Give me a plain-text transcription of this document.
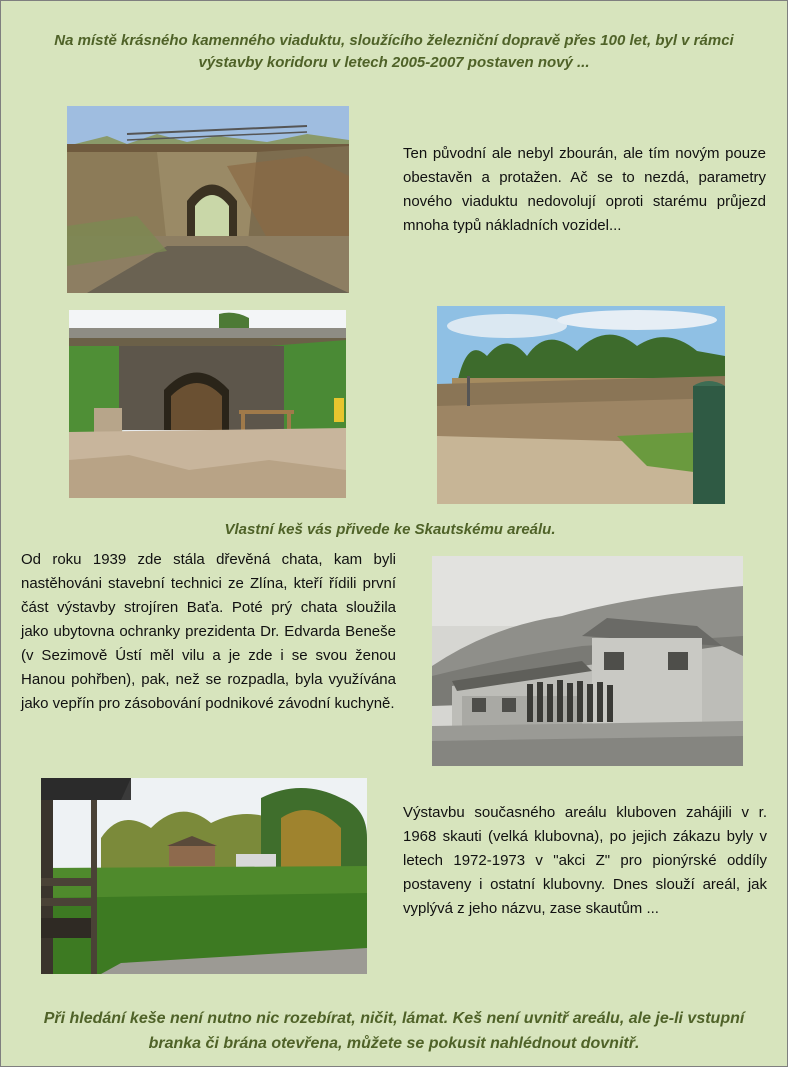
Na místě krásného kamenného viaduktu, sloužícího železniční dopravě přes 100 let, byl v rámci výstavby koridoru v letech 2005-2007 postaven nový ...
Ten původní ale nebyl zbourán, ale tím novým pouze obestavěn a protažen. Ač se to nezdá, parametry nového viaduktu nedovolují oproti starému průjezd mnoha typů nákladních vozidel...
Vlastní keš vás přivede ke Skautskému areálu.
Od roku 1939 zde stála dřevěná chata, kam byli nastěhováni stavební technici ze Zlína, kteří řídili první část výstavby strojíren Baťa. Poté prý chata sloužila jako ubytovna ochranky prezidenta Dr. Edvarda Beneše (v Sezimově Ústí měl vilu a je zde i se svou ženou Hanou pohřben), pak, než se rozpadla, byla využívána jako vepřín pro zásobování podnikové závodní kuchyně.
Výstavbu současného areálu kluboven zahájili v r. 1968 skauti (velká klubovna), po jejich zákazu byly v letech 1972-1973 v "akci Z" pro pionýrské oddíly postaveny i ostatní klubovny. Dnes slouží areál, jak vyplývá z jeho názvu, zase skautům ...
Při hledání keše není nutno nic rozebírat, ničit, lámat. Keš není uvnitř areálu, ale je-li vstupní branka či brána otevřena, můžete se pokusit nahlédnout dovnitř.
